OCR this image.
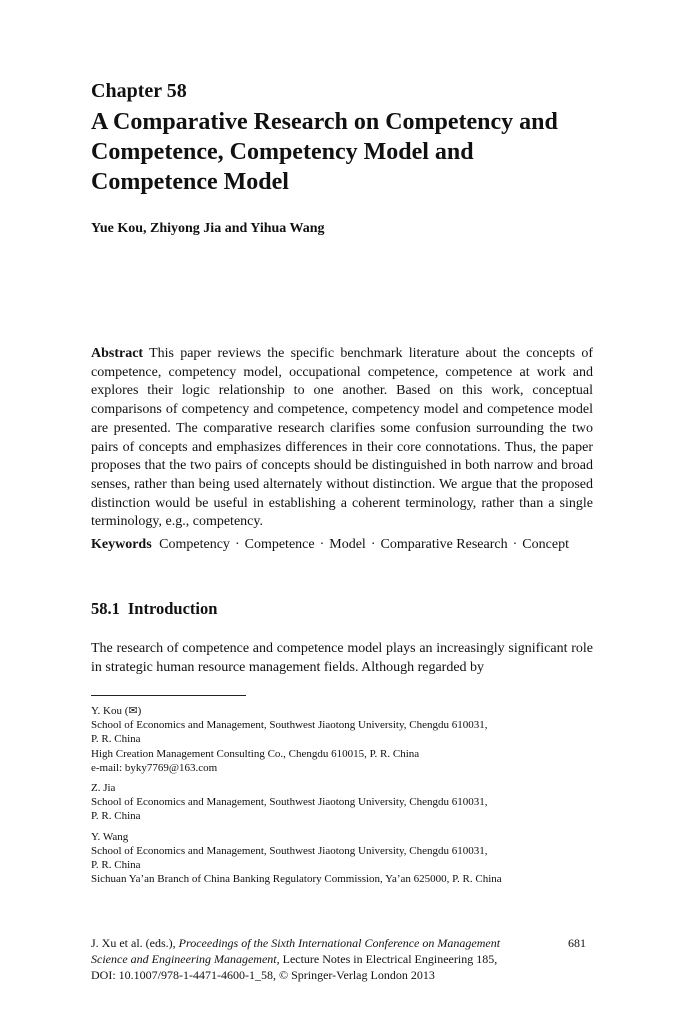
Chapter 58
A Comparative Research on Competency and Competence, Competency Model and Competence Model
Yue Kou, Zhiyong Jia and Yihua Wang

Abstract This paper reviews the specific benchmark literature about the concepts of competence, competency model, occupational competence, competence at work and explores their logic relationship to one another. Based on this work, conceptual comparisons of competency and competence, competency model and competence model are presented. The comparative research clarifies some confusion surrounding the two pairs of concepts and emphasizes differences in their core connotations. Thus, the paper proposes that the two pairs of concepts should be distinguished in both narrow and broad senses, rather than being used alternately without distinction. We argue that the proposed distinction would be useful in establishing a coherent terminology, rather than a single terminology, e.g., competency.

Keywords Competency · Competence · Model · Comparative Research · Concept
58.1 Introduction

The research of competence and competence model plays an increasingly significant role in strategic human resource management fields. Although regarded by

Y. Kou (✉)
School of Economics and Management, Southwest Jiaotong University, Chengdu 610031,
P. R. China
High Creation Management Consulting Co., Chengdu 610015, P. R. China
e-mail: byky7769@163.com
Z. Jia
School of Economics and Management, Southwest Jiaotong University, Chengdu 610031,
P. R. China
Y. Wang
School of Economics and Management, Southwest Jiaotong University, Chengdu 610031,
P. R. China
Sichuan Ya’an Branch of China Banking Regulatory Commission, Ya’an 625000, P. R. China
J. Xu et al. (eds.), Proceedings of the Sixth International Conference on Management
Science and Engineering Management, Lecture Notes in Electrical Engineering 185,
DOI: 10.1007/978-1-4471-4600-1_58, © Springer-Verlag London 2013
681
